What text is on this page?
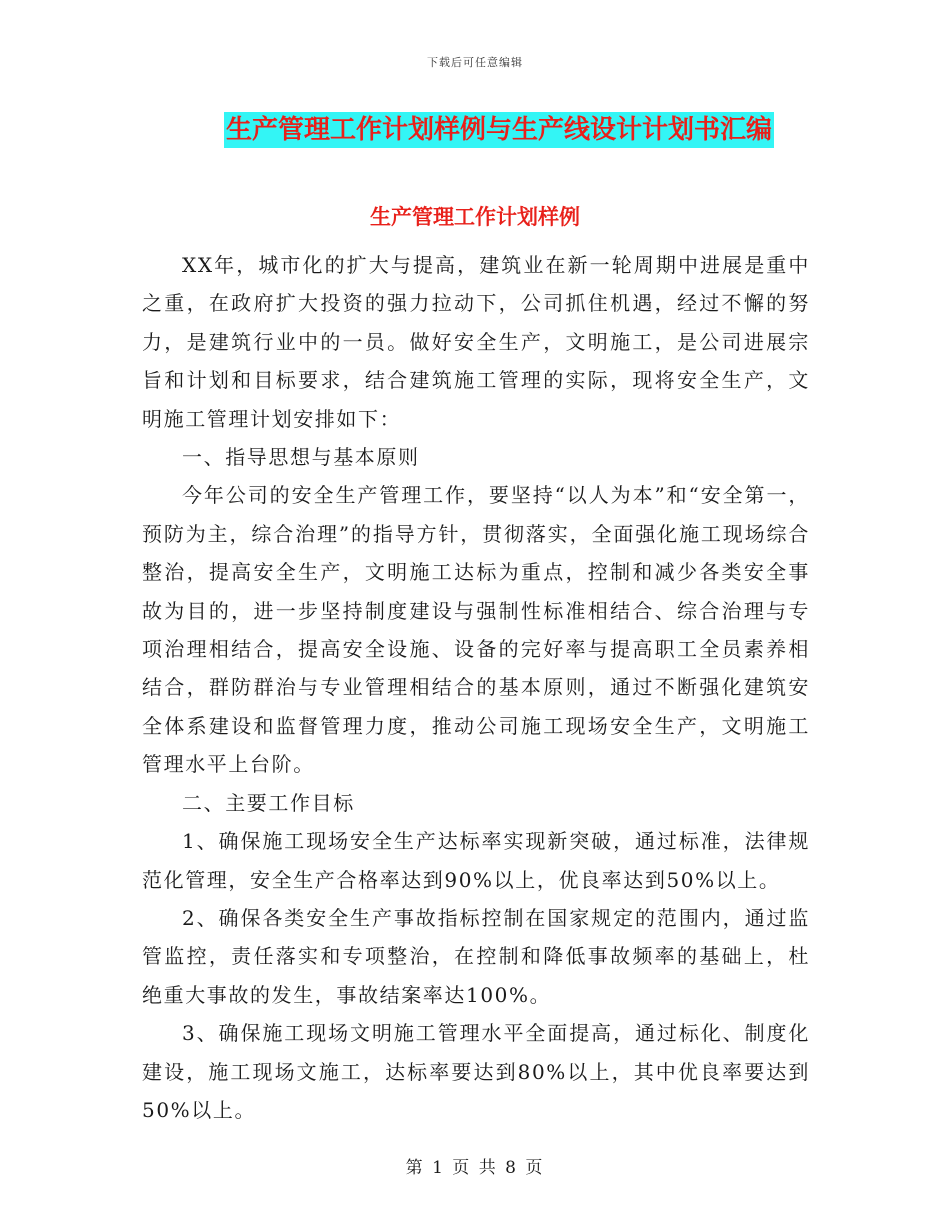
下载后可任意编辑
生产管理工作计划样例与生产线设计计划书汇编
生产管理工作计划样例

XX年，城市化的扩大与提高，建筑业在新一轮周期中进展是重中之重，在政府扩大投资的强力拉动下，公司抓住机遇，经过不懈的努力，是建筑行业中的一员。做好安全生产，文明施工，是公司进展宗旨和计划和目标要求，结合建筑施工管理的实际，现将安全生产，文明施工管理计划安排如下：

一、指导思想与基本原则

今年公司的安全生产管理工作，要坚持“以人为本”和“安全第一，预防为主，综合治理”的指导方针，贯彻落实，全面强化施工现场综合整治，提高安全生产，文明施工达标为重点，控制和减少各类安全事故为目的，进一步坚持制度建设与强制性标准相结合、综合治理与专项治理相结合，提高安全设施、设备的完好率与提高职工全员素养相结合，群防群治与专业管理相结合的基本原则，通过不断强化建筑安全体系建设和监督管理力度，推动公司施工现场安全生产，文明施工管理水平上台阶。

二、主要工作目标

1、确保施工现场安全生产达标率实现新突破，通过标准，法律规范化管理，安全生产合格率达到90%以上，优良率达到50%以上。

2、确保各类安全生产事故指标控制在国家规定的范围内，通过监管监控，责任落实和专项整治，在控制和降低事故频率的基础上，杜绝重大事故的发生，事故结案率达100%。

3、确保施工现场文明施工管理水平全面提高，通过标化、制度化建设，施工现场文施工，达标率要达到80%以上，其中优良率要达到50%以上。

第 1 页 共 8 页
